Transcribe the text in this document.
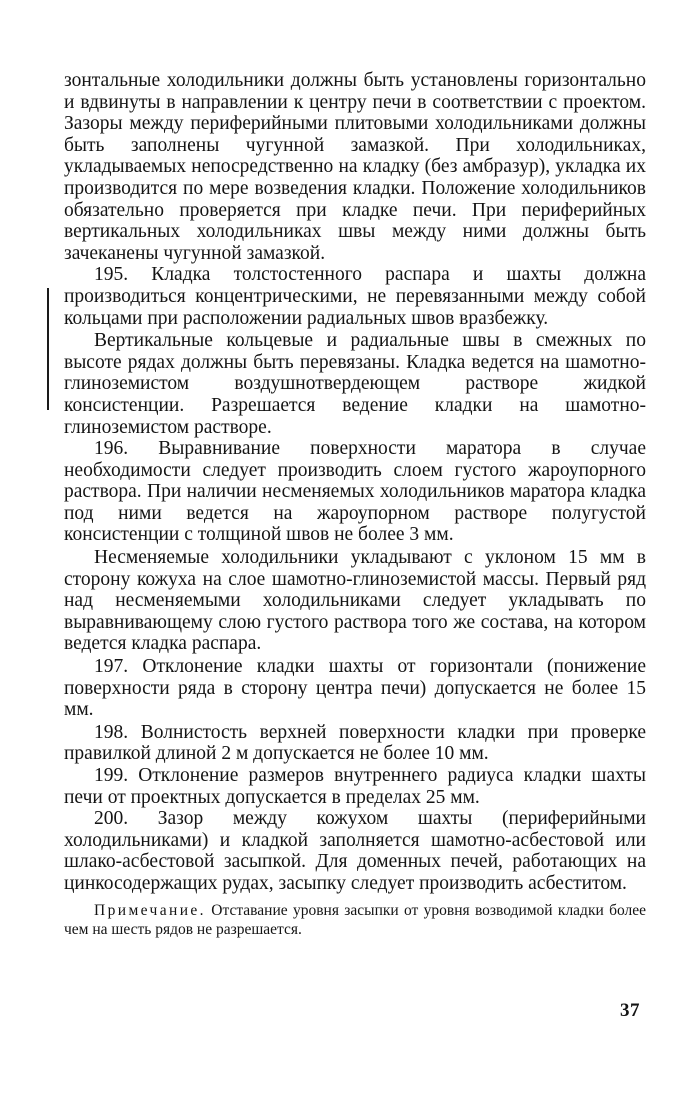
зонтальные холодильники должны быть установлены горизонтально и вдвинуты в направлении к центру печи в соответствии с проектом. Зазоры между периферийными плитовыми холодильниками должны быть заполнены чугунной замазкой. При холодильниках, укладываемых непосредственно на кладку (без амбразур), укладка их производится по мере возведения кладки. Положение холодильников обязательно проверяется при кладке печи. При периферийных вертикальных холодильниках швы между ними должны быть зачеканены чугунной замазкой.

195. Кладка толстостенного распара и шахты должна производиться концентрическими, не перевязанными между собой кольцами при расположении радиальных швов вразбежку.

Вертикальные кольцевые и радиальные швы в смежных по высоте рядах должны быть перевязаны. Кладка ведется на шамотно-глиноземистом воздушнотвердеющем растворе жидкой консистенции. Разрешается ведение кладки на шамотно-глиноземистом растворе.

196. Выравнивание поверхности маратора в случае необходимости следует производить слоем густого жароупорного раствора. При наличии несменяемых холодильников маратора кладка под ними ведется на жароупорном растворе полугустой консистенции с толщиной швов не более 3 мм.

Несменяемые холодильники укладывают с уклоном 15 мм в сторону кожуха на слое шамотно-глиноземистой массы. Первый ряд над несменяемыми холодильниками следует укладывать по выравнивающему слою густого раствора того же состава, на котором ведется кладка распара.

197. Отклонение кладки шахты от горизонтали (понижение поверхности ряда в сторону центра печи) допускается не более 15 мм.

198. Волнистость верхней поверхности кладки при проверке правилкой длиной 2 м допускается не более 10 мм.

199. Отклонение размеров внутреннего радиуса кладки шахты печи от проектных допускается в пределах 25 мм.

200. Зазор между кожухом шахты (периферийными холодильниками) и кладкой заполняется шамотно-асбестовой или шлако-асбестовой засыпкой. Для доменных печей, работающих на цинкосодержащих рудах, засыпку следует производить асбеститом.

Примечание. Отставание уровня засыпки от уровня возводимой кладки более чем на шесть рядов не разрешается.

37
